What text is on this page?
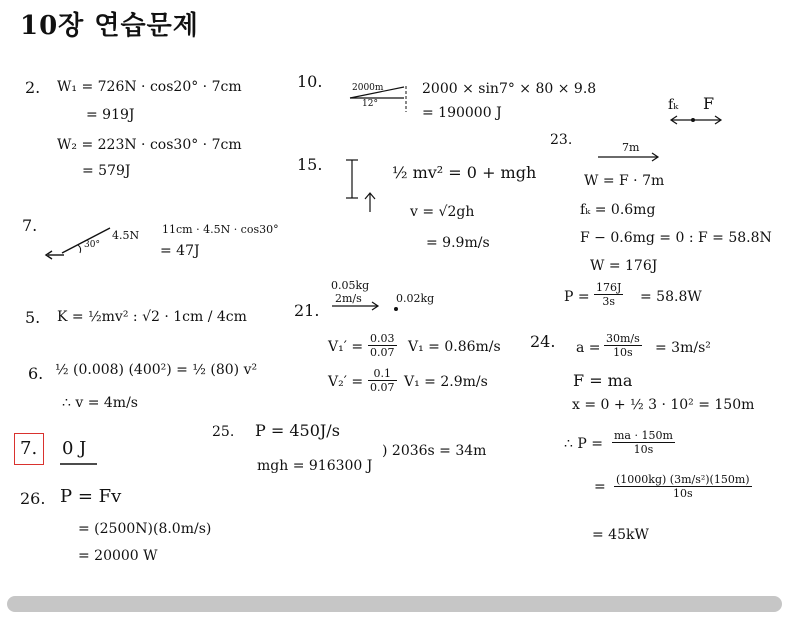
10장 연습문제
2. W₁ = 726N · cos20° · 7cm
= 919J
W₂ = 223N · cos30° · 7cm
= 579J
7.
4.5N
30°
11cm · 4.5N · cos30°
= 47J
5. K = ½mv² : √2 · 1cm / 4cm
6. ½ (0.008) (400²) = ½ (80) v²
∴ v = 4m/s
7. 0 J
26. P = Fv
= (2500N)(8.0m/s)
= 20000 W
10.	2000m
12°
2000 × sin7° × 80 × 9.8
= 190000 J
15.	½ mv² = 0 + mgh
v = √2gh
= 9.9m/s
21.
0.05kg
2m/s	0.02kg
V₁′ =
0.03
0.07 V₁ = 0.86m/s
V₂′ =
0.1
0.07 V₁ = 2.9m/s
25. P = 450J/s
mgh = 916300 J
) 2036s = 34m
23.
fₖ F
7m
W = F · 7m
fₖ = 0.6mg
F − 0.6mg = 0 : F = 58.8N
W = 176J
P =
176J
3s = 58.8W
24. a =
30m/s
10s = 3m/s²
F = ma
x = 0 + ½ 3 · 10² = 150m
∴ P =
ma · 150m
10s
= (1000kg) (3m/s²)(150m)
10s
= 45kW
